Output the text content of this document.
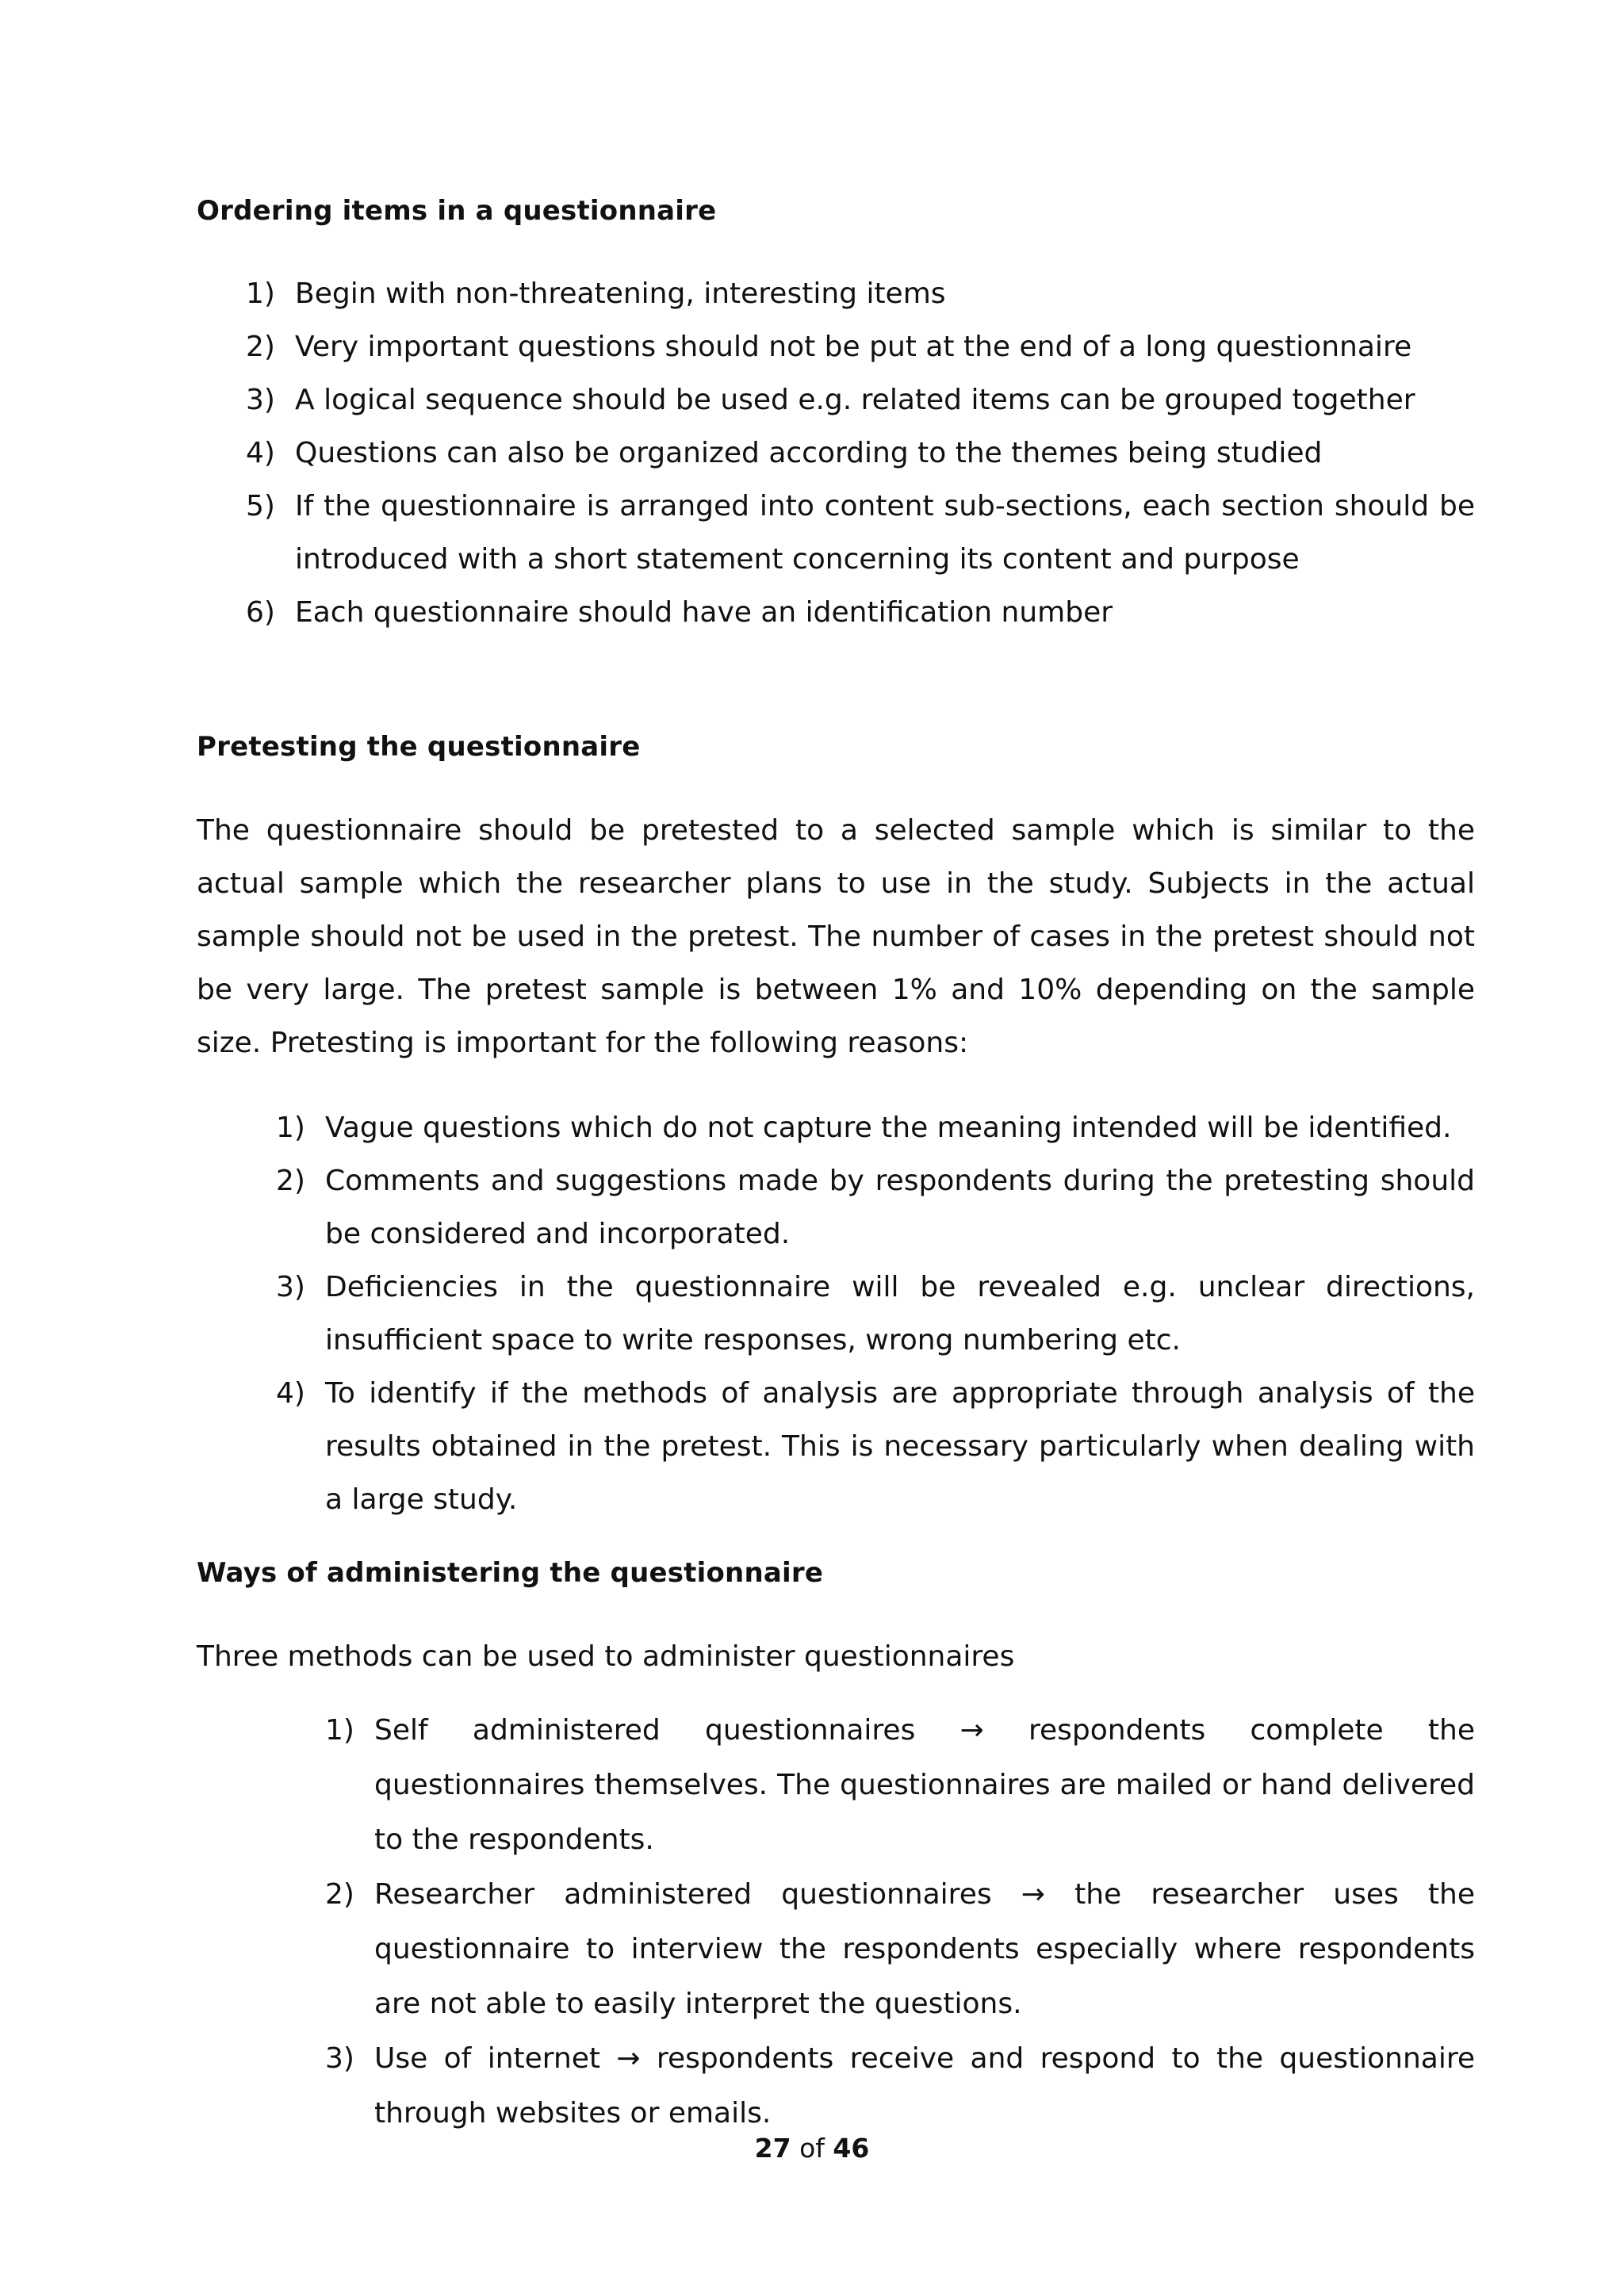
Ordering items in a questionnaire
1) Begin with non-threatening, interesting items
2) Very important questions should not be put at the end of a long questionnaire
3) A logical sequence should be used e.g. related items can be grouped together
4) Questions can also be organized according to the themes being studied
5) If the questionnaire is arranged into content sub-sections, each section should be introduced with a short statement concerning its content and purpose
6) Each questionnaire should have an identification number
Pretesting the questionnaire

The questionnaire should be pretested to a selected sample which is similar to the actual sample which the researcher plans to use in the study. Subjects in the actual sample should not be used in the pretest. The number of cases in the pretest should not be very large. The pretest sample is between 1% and 10% depending on the sample size. Pretesting is important for the following reasons:

1) Vague questions which do not capture the meaning intended will be identified.
2) Comments and suggestions made by respondents during the pretesting should be considered and incorporated.
3) Deficiencies in the questionnaire will be revealed e.g. unclear directions, insufficient space to write responses, wrong numbering etc.
4) To identify if the methods of analysis are appropriate through analysis of the results obtained in the pretest. This is necessary particularly when dealing with a large study.
Ways of administering the questionnaire

Three methods can be used to administer questionnaires

1) Self administered questionnaires → respondents complete the questionnaires themselves. The questionnaires are mailed or hand delivered to the respondents.
2) Researcher administered questionnaires → the researcher uses the questionnaire to interview the respondents especially where respondents are not able to easily interpret the questions.
3) Use of internet → respondents receive and respond to the questionnaire through websites or emails.
27 of 46
